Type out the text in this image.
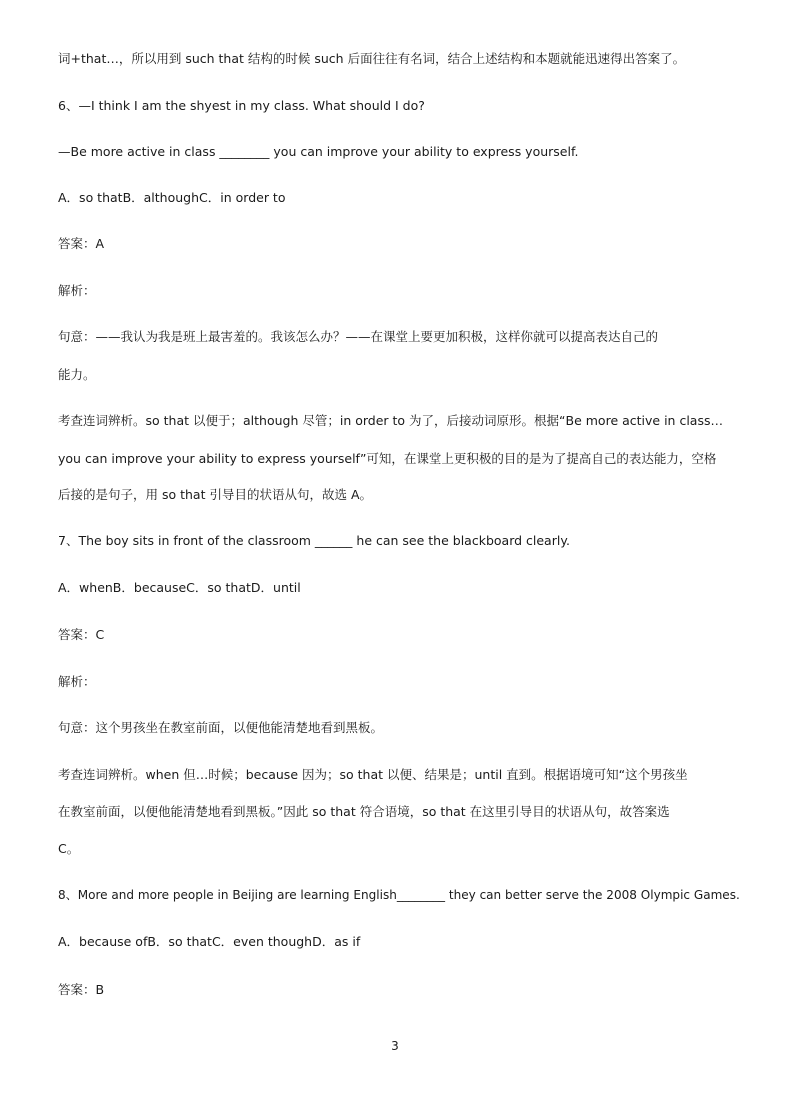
词+that…，所以用到 such that 结构的时候 such 后面往往有名词，结合上述结构和本题就能迅速得出答案了。
6、—I think I am the shyest in my class. What should I do?
—Be more active in class ________ you can improve your ability to express yourself.
A．so thatB．althoughC．in order to
答案：A
解析：
句意：——我认为我是班上最害羞的。我该怎么办？——在课堂上要更加积极，这样你就可以提高表达自己的
能力。
考查连词辨析。so that 以便于；although 尽管；in order to 为了，后接动词原形。根据“Be more active in class…
you can improve your ability to express yourself”可知，在课堂上更积极的目的是为了提高自己的表达能力，空格
后接的是句子，用 so that 引导目的状语从句，故选 A。
7、The boy sits in front of the classroom ______ he can see the blackboard clearly.
A．whenB．becauseC．so thatD．until
答案：C
解析：
句意：这个男孩坐在教室前面，以便他能清楚地看到黑板。
考查连词辨析。when 但…时候；because 因为；so that 以便、结果是；until 直到。根据语境可知“这个男孩坐
在教室前面，以便他能清楚地看到黑板。”因此 so that 符合语境，so that 在这里引导目的状语从句，故答案选
C。
8、More and more people in Beijing are learning English________ they can better serve the 2008 Olympic Games.
A．because ofB．so thatC．even thoughD．as if
答案：B
3
